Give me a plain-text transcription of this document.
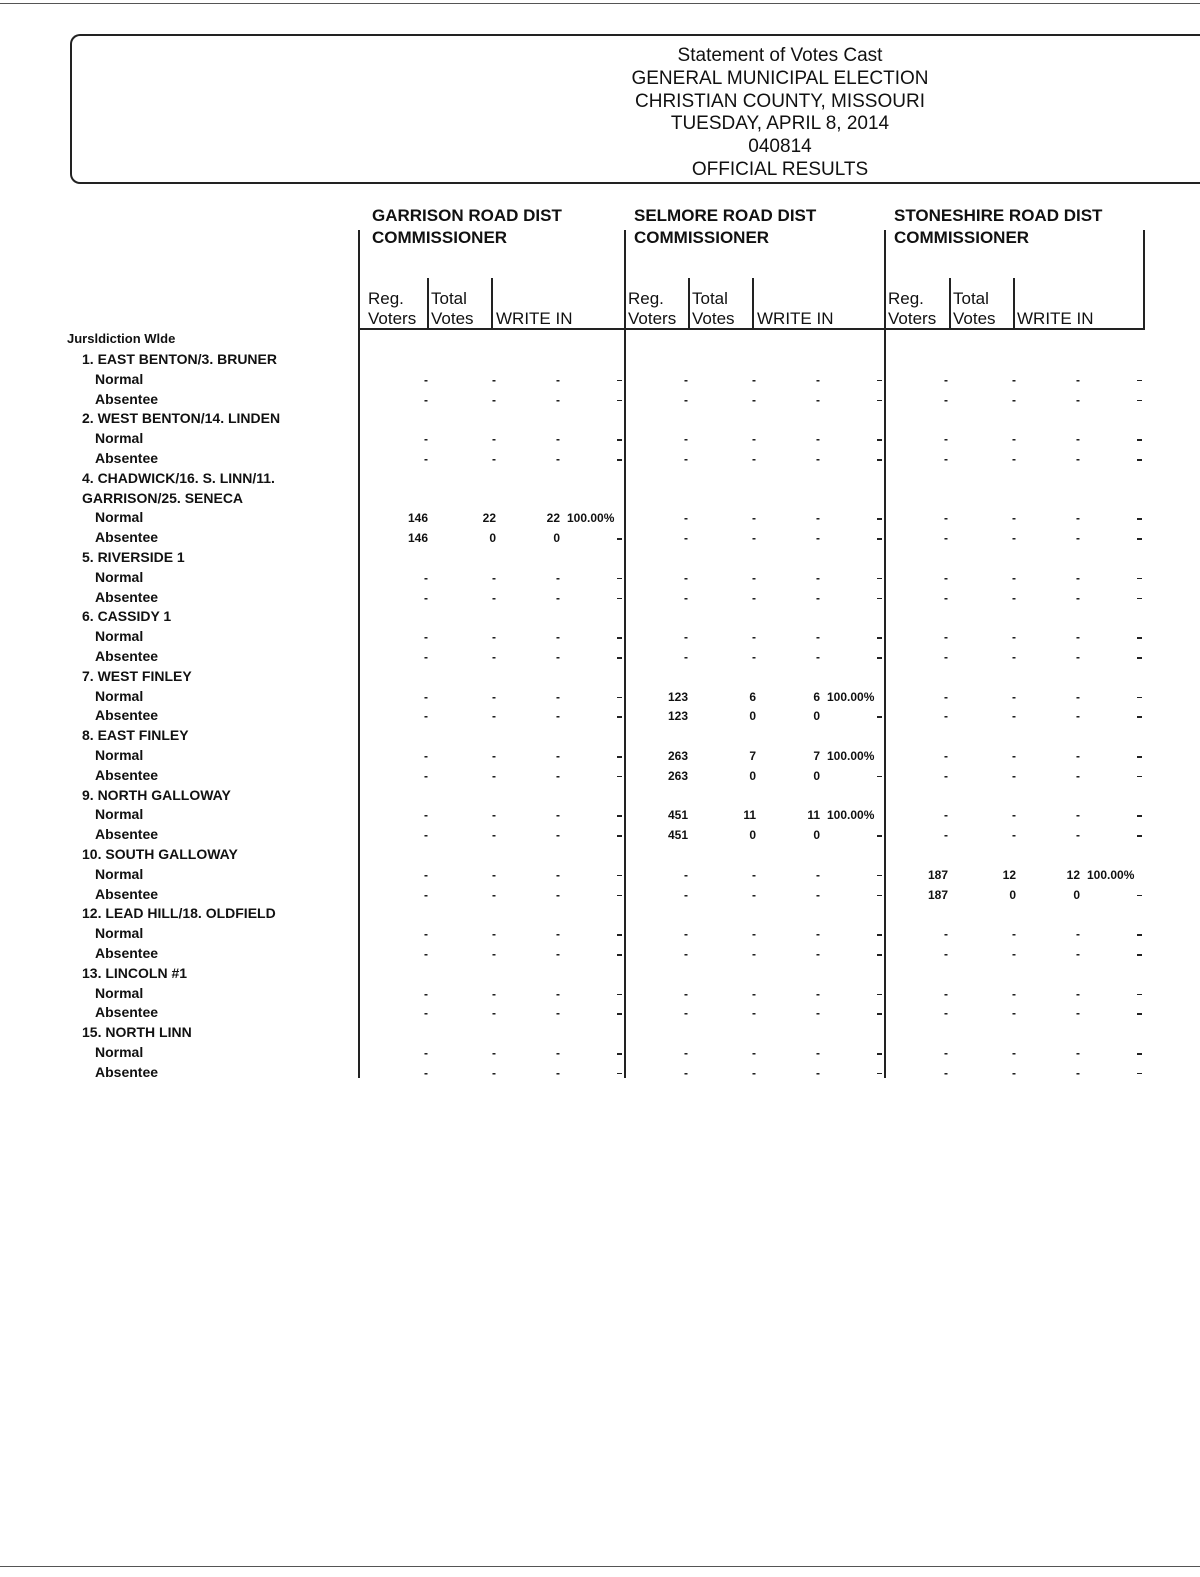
Statement of Votes Cast
GENERAL MUNICIPAL ELECTION
CHRISTIAN COUNTY, MISSOURI
TUESDAY, APRIL 8, 2014
040814
OFFICIAL RESULTS
GARRISON ROAD DIST
COMMISSIONER
SELMORE ROAD DIST
COMMISSIONER
STONESHIRE ROAD DIST
COMMISSIONER
Reg.
Voters
Total
Votes WRITE IN
Reg.
Voters
Total
Votes WRITE IN
Reg.
Voters
Total
Votes WRITE IN
Jursldiction Wlde
1. EAST BENTON/3. BRUNER
Normal	-	-	-	-	-	-	-	-	-
Absentee	-	-	-	-	-	-	-	-	-
2. WEST BENTON/14. LINDEN
Normal	-	-	-	-	-	-	-	-	-
Absentee	-	-	-	-	-	-	-	-	-
4. CHADWICK/16. S. LINN/11.
GARRISON/25. SENECA
Normal	146	22	22 100.00%	-	-	-	-	-	-
Absentee	146	0	0	-	-	-	-	-	-
5. RIVERSIDE 1
Normal	-	-	-	-	-	-	-	-	-
Absentee	-	-	-	-	-	-	-	-	-
6. CASSIDY 1
Normal	-	-	-	-	-	-	-	-	-
Absentee	-	-	-	-	-	-	-	-	-
7. WEST FINLEY
Normal	-	-	-	123	6	6 100.00%	-	-	-
Absentee	-	-	-	123	0	0	-	-	-
8. EAST FINLEY
Normal	-	-	-	263	7	7 100.00%	-	-	-
Absentee	-	-	-	263	0	0	-	-	-
9. NORTH GALLOWAY
Normal	-	-	-	451	11	11 100.00%	-	-	-
Absentee	-	-	-	451	0	0	-	-	-
10. SOUTH GALLOWAY
Normal	-	-	-	-	-	-	187	12	12 100.00%
Absentee	-	-	-	-	-	-	187	0	0
12. LEAD HILL/18. OLDFIELD
Normal	-	-	-	-	-	-	-	-	-
Absentee	-	-	-	-	-	-	-	-	-
13. LINCOLN #1
Normal	-	-	-	-	-	-	-	-	-
Absentee	-	-	-	-	-	-	-	-	-
15. NORTH LINN
Normal	-	-	-	-	-	-	-	-	-
Absentee	-	-	-	-	-	-	-	-	-
